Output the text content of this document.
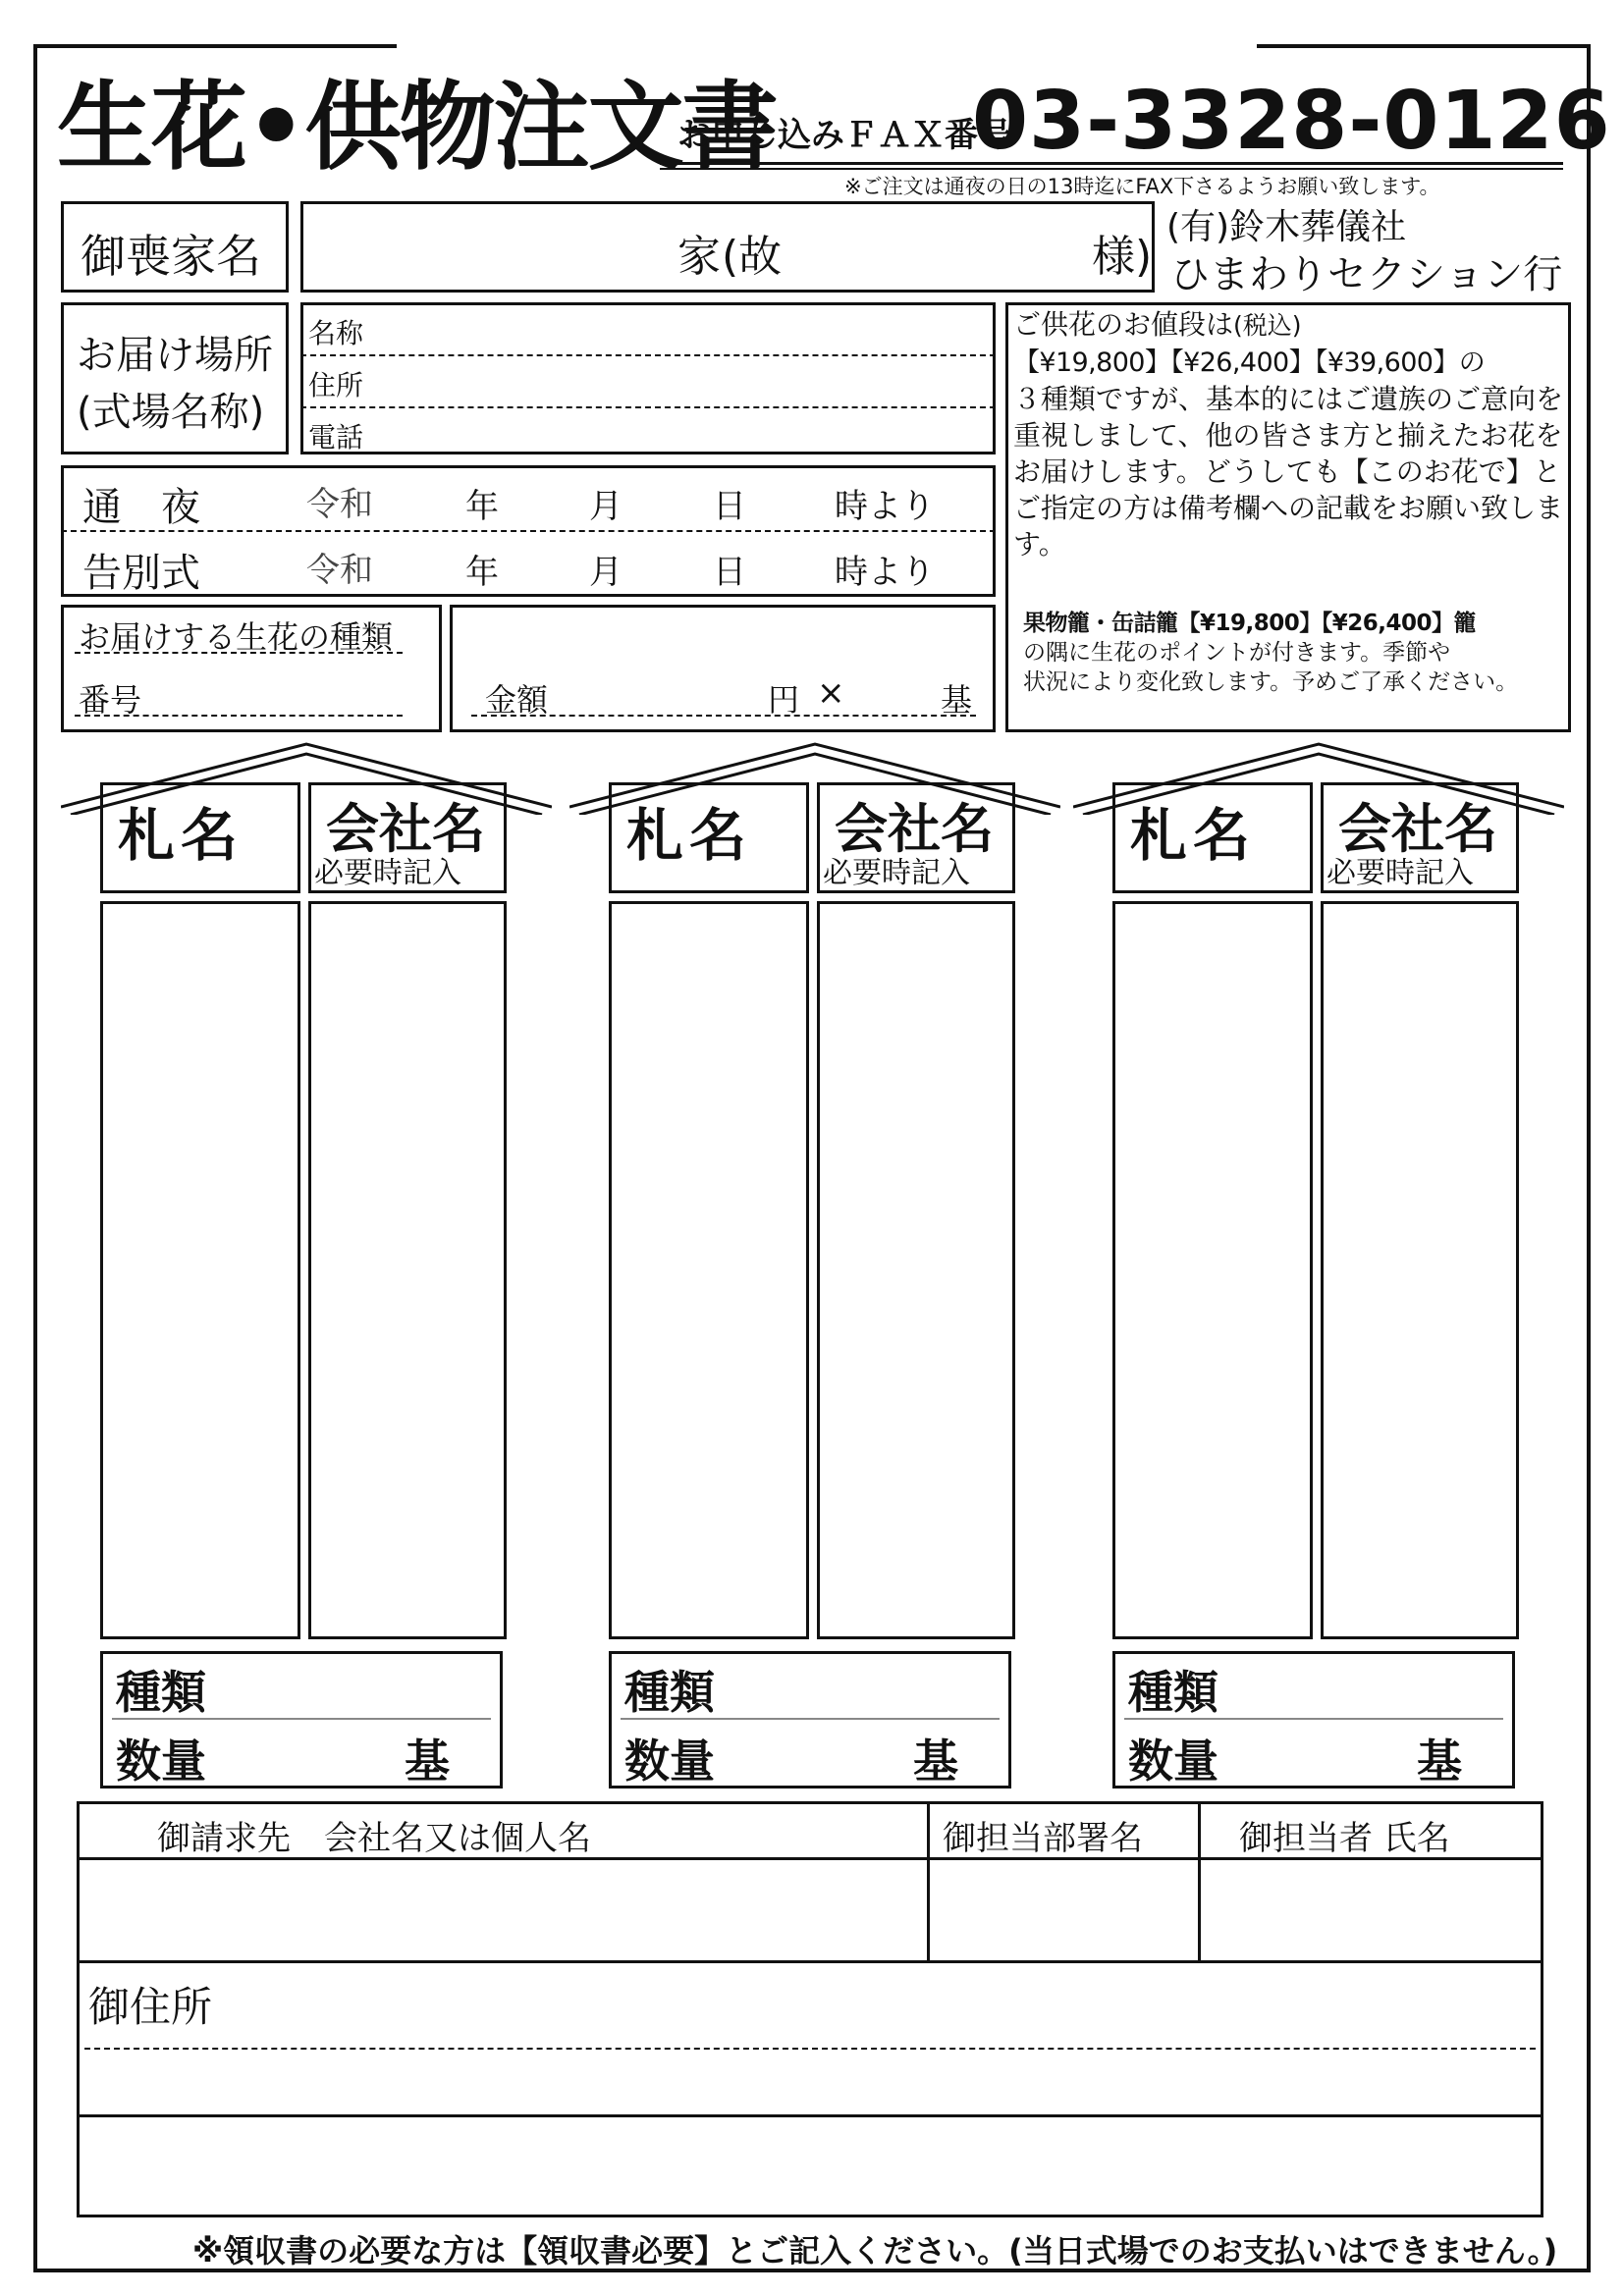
生花•供物注文書
お申し込みＦＡＸ番号
03-3328-0126
※ご注文は通夜の日の13時迄にFAX下さるようお願い致します。
御喪家名	家 (故	様)
(有)鈴木葬儀社
ひまわりセクション行
お届け場所
(式場名称)
名称
住所
電話
通　夜	令和	年	月	日	時より
告別式	令和	年	月	日	時より
お届けする生花の種類
番号	金額	円 ×	基
ご供花のお値段は(税込)
【¥19,800】【¥26,400】【¥39,600】の
３種類ですが、基本的にはご遺族のご意向を重視しまして、他の皆さま方と揃えたお花をお届けします。どうしても【このお花で】とご指定の方は備考欄への記載をお願い致します。
果物籠・缶詰籠【¥19,800】【¥26,400】籠
の隅に生花のポイントが付きます。季節や
状況により変化致します。予めご了承ください。
札名 会社名
必要時記入
種類
数量	基
札名 会社名
必要時記入
種類
数量	基
札名 会社名
必要時記入
種類
数量	基
御請求先　会社名又は個人名	御担当部署名	御担当者 氏名
御住所
※領収書の必要な方は【領収書必要】とご記入ください。(当日式場でのお支払いはできません。)
